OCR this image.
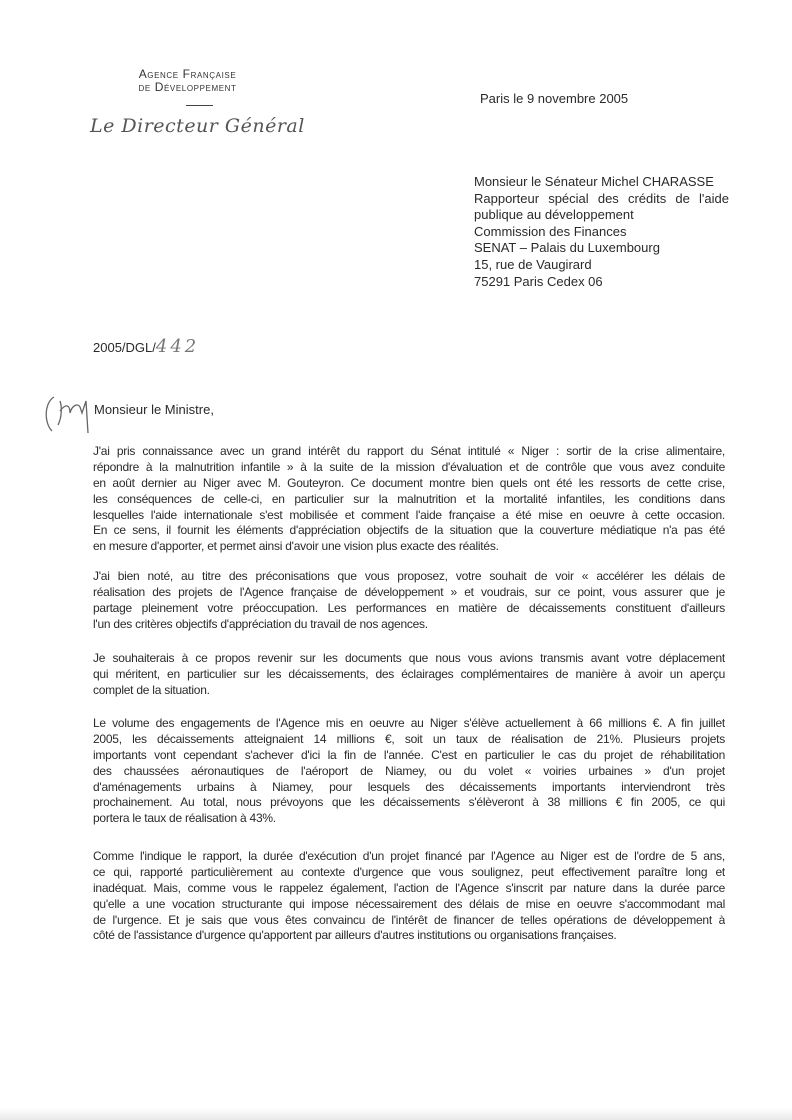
Agence Française
de Développement
Le Directeur Général
Paris le 9 novembre 2005
Monsieur le Sénateur Michel CHARASSE
Rapporteur spécial des crédits de l'aide
publique au développement
Commission des Finances
SENAT – Palais du Luxembourg
15, rue de Vaugirard
75291 Paris Cedex 06
2005/DGL/442
Monsieur le Ministre,
J'ai pris connaissance avec un grand intérêt du rapport du Sénat intitulé « Niger : sortir de la crise alimentaire,
répondre à la malnutrition infantile » à la suite de la mission d'évaluation et de contrôle que vous avez conduite
en août dernier au Niger avec M. Gouteyron. Ce document montre bien quels ont été les ressorts de cette crise,
les conséquences de celle-ci, en particulier sur la malnutrition et la mortalité infantiles, les conditions dans
lesquelles l'aide internationale s'est mobilisée et comment l'aide française a été mise en oeuvre à cette occasion.
En ce sens, il fournit les éléments d'appréciation objectifs de la situation que la couverture médiatique n'a pas été
en mesure d'apporter, et permet ainsi d'avoir une vision plus exacte des réalités.
J'ai bien noté, au titre des préconisations que vous proposez, votre souhait de voir « accélérer les délais de
réalisation des projets de l'Agence française de développement » et voudrais, sur ce point, vous assurer que je
partage pleinement votre préoccupation. Les performances en matière de décaissements constituent d'ailleurs
l'un des critères objectifs d'appréciation du travail de nos agences.
Je souhaiterais à ce propos revenir sur les documents que nous vous avions transmis avant votre déplacement
qui méritent, en particulier sur les décaissements, des éclairages complémentaires de manière à avoir un aperçu
complet de la situation.
Le volume des engagements de l'Agence mis en oeuvre au Niger s'élève actuellement à 66 millions €. A fin juillet
2005, les décaissements atteignaient 14 millions €, soit un taux de réalisation de 21%. Plusieurs projets
importants vont cependant s'achever d'ici la fin de l'année. C'est en particulier le cas du projet de réhabilitation
des chaussées aéronautiques de l'aéroport de Niamey, ou du volet « voiries urbaines » d'un projet
d'aménagements urbains à Niamey, pour lesquels des décaissements importants interviendront très
prochainement. Au total, nous prévoyons que les décaissements s'élèveront à 38 millions € fin 2005, ce qui
portera le taux de réalisation à 43%.
Comme l'indique le rapport, la durée d'exécution d'un projet financé par l'Agence au Niger est de l'ordre de 5 ans,
ce qui, rapporté particulièrement au contexte d'urgence que vous soulignez, peut effectivement paraître long et
inadéquat. Mais, comme vous le rappelez également, l'action de l'Agence s'inscrit par nature dans la durée parce
qu'elle a une vocation structurante qui impose nécessairement des délais de mise en oeuvre s'accommodant mal
de l'urgence. Et je sais que vous êtes convaincu de l'intérêt de financer de telles opérations de développement à
côté de l'assistance d'urgence qu'apportent par ailleurs d'autres institutions ou organisations françaises.
